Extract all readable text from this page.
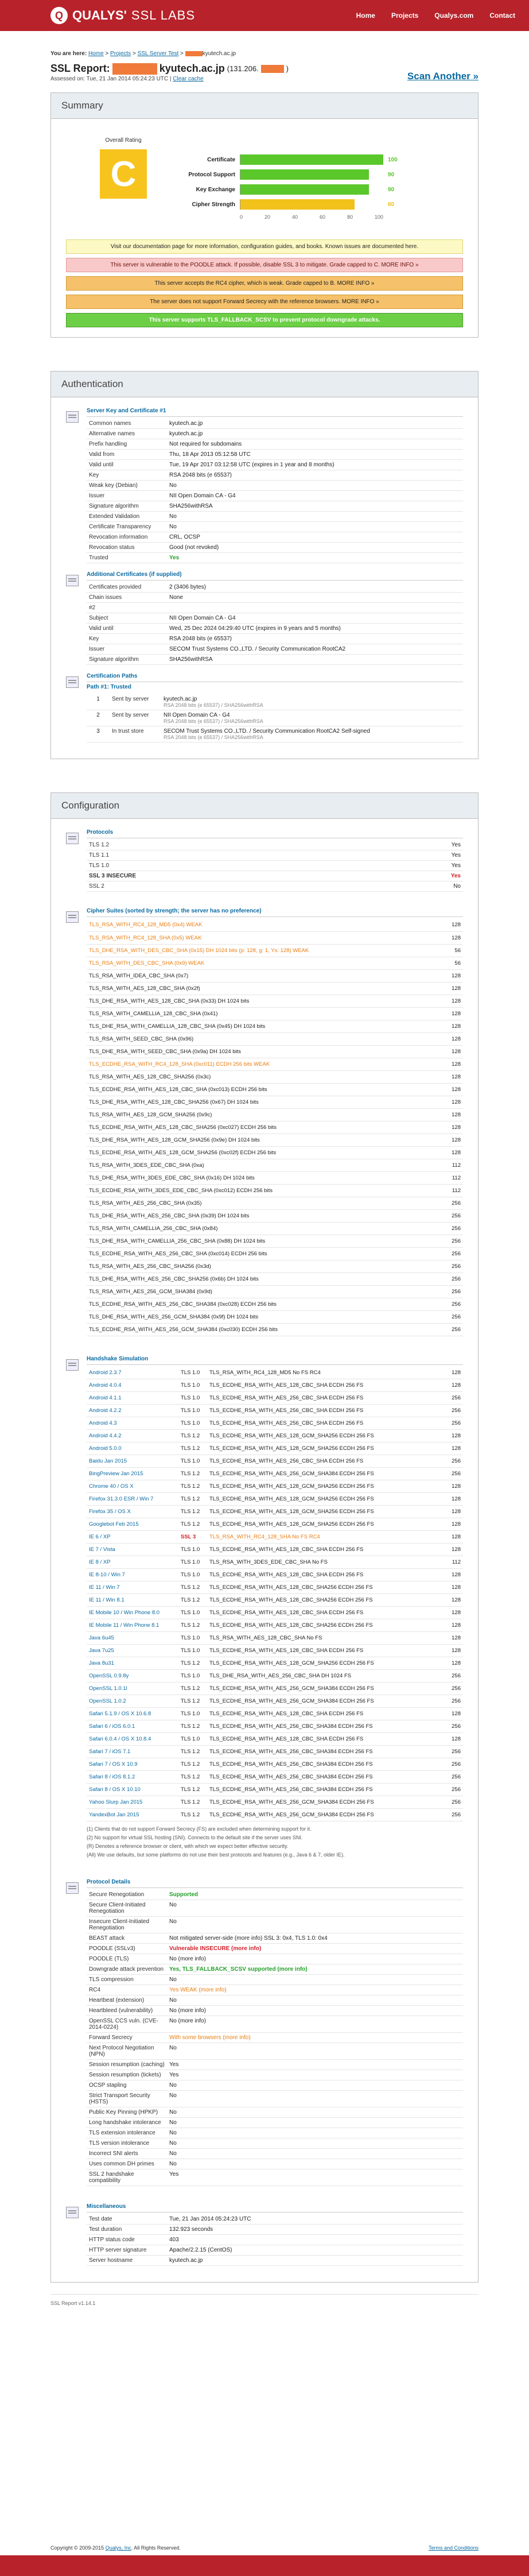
Q QUALYS' SSL LABS	Home Projects Qualys.com Contact
You are here: Home > Projects > SSL Server Test >	kyutech.ac.jp
SSL Report:	kyutech.ac.jp (131.206.	)
Assessed on: Tue, 21 Jan 2014 05:24:23 UTC | Clear cache	Scan Another »
Summary
Overall Rating
C	Certificate	100
Protocol Support	90
Key Exchange	90
Cipher Strength	80
0	20	40	60	80	100
Visit our documentation page for more information, configuration guides, and books. Known issues are documented here.
This server is vulnerable to the POODLE attack. If possible, disable SSL 3 to mitigate. Grade capped to C. MORE INFO »
This server accepts the RC4 cipher, which is weak. Grade capped to B. MORE INFO »
The server does not support Forward Secrecy with the reference browsers. MORE INFO »
This server supports TLS_FALLBACK_SCSV to prevent protocol downgrade attacks.
Authentication
Server Key and Certificate #1
Common names	kyutech.ac.jp
Alternative names	kyutech.ac.jp
Prefix handling	Not required for subdomains
Valid from	Thu, 18 Apr 2013 05:12:58 UTC
Valid until	Tue, 19 Apr 2017 03:12:58 UTC (expires in 1 year and 8 months)
Key	RSA 2048 bits (e 65537)
Weak key (Debian)	No
Issuer	NII Open Domain CA - G4
Signature algorithm	SHA256withRSA
Extended Validation	No
Certificate Transparency	No
Revocation information	CRL, OCSP
Revocation status	Good (not revoked)
Trusted	Yes
Additional Certificates (if supplied)
Certificates provided	2 (3406 bytes)
Chain issues	None
#2	
Subject	NII Open Domain CA - G4
Valid until	Wed, 25 Dec 2024 04:29:40 UTC (expires in 9 years and 5 months)
Key	RSA 2048 bits (e 65537)
Issuer	SECOM Trust Systems CO.,LTD. / Security Communication RootCA2
Signature algorithm	SHA256withRSA
Certification Paths
Path #1: Trusted
1	Sent by server	kyutech.ac.jp
RSA 2048 bits (e 65537) / SHA256withRSA

2	Sent by server	NII Open Domain CA - G4
RSA 2048 bits (e 65537) / SHA256withRSA

3	In trust store	SECOM Trust Systems CO.,LTD. / Security Communication RootCA2 Self-signed
RSA 2048 bits (e 65537) / SHA256withRSA
Configuration
Protocols
TLS 1.2	Yes
TLS 1.1	Yes
TLS 1.0	Yes
SSL 3 INSECURE	Yes
SSL 2	No
Cipher Suites (sorted by strength; the server has no preference)
TLS_RSA_WITH_RC4_128_MD5 (0x4) WEAK	128
TLS_RSA_WITH_RC4_128_SHA (0x5) WEAK	128
TLS_DHE_RSA_WITH_DES_CBC_SHA (0x15) DH 1024 bits (p: 128, g: 1, Ys: 128) WEAK	56
TLS_RSA_WITH_DES_CBC_SHA (0x9) WEAK	56
TLS_RSA_WITH_IDEA_CBC_SHA (0x7)	128
TLS_RSA_WITH_AES_128_CBC_SHA (0x2f)	128
TLS_DHE_RSA_WITH_AES_128_CBC_SHA (0x33) DH 1024 bits	128
TLS_RSA_WITH_CAMELLIA_128_CBC_SHA (0x41)	128
TLS_DHE_RSA_WITH_CAMELLIA_128_CBC_SHA (0x45) DH 1024 bits	128
TLS_RSA_WITH_SEED_CBC_SHA (0x96)	128
TLS_DHE_RSA_WITH_SEED_CBC_SHA (0x9a) DH 1024 bits	128
TLS_ECDHE_RSA_WITH_RC4_128_SHA (0xc011) ECDH 256 bits WEAK	128
TLS_RSA_WITH_AES_128_CBC_SHA256 (0x3c)	128
TLS_ECDHE_RSA_WITH_AES_128_CBC_SHA (0xc013) ECDH 256 bits	128
TLS_DHE_RSA_WITH_AES_128_CBC_SHA256 (0x67) DH 1024 bits	128
TLS_RSA_WITH_AES_128_GCM_SHA256 (0x9c)	128
TLS_ECDHE_RSA_WITH_AES_128_CBC_SHA256 (0xc027) ECDH 256 bits	128
TLS_DHE_RSA_WITH_AES_128_GCM_SHA256 (0x9e) DH 1024 bits	128
TLS_ECDHE_RSA_WITH_AES_128_GCM_SHA256 (0xc02f) ECDH 256 bits	128
TLS_RSA_WITH_3DES_EDE_CBC_SHA (0xa)	112
TLS_DHE_RSA_WITH_3DES_EDE_CBC_SHA (0x16) DH 1024 bits	112
TLS_ECDHE_RSA_WITH_3DES_EDE_CBC_SHA (0xc012) ECDH 256 bits	112
TLS_RSA_WITH_AES_256_CBC_SHA (0x35)	256
TLS_DHE_RSA_WITH_AES_256_CBC_SHA (0x39) DH 1024 bits	256
TLS_RSA_WITH_CAMELLIA_256_CBC_SHA (0x84)	256
TLS_DHE_RSA_WITH_CAMELLIA_256_CBC_SHA (0x88) DH 1024 bits	256
TLS_ECDHE_RSA_WITH_AES_256_CBC_SHA (0xc014) ECDH 256 bits	256
TLS_RSA_WITH_AES_256_CBC_SHA256 (0x3d)	256
TLS_DHE_RSA_WITH_AES_256_CBC_SHA256 (0x6b) DH 1024 bits	256
TLS_RSA_WITH_AES_256_GCM_SHA384 (0x9d)	256
TLS_ECDHE_RSA_WITH_AES_256_CBC_SHA384 (0xc028) ECDH 256 bits	256
TLS_DHE_RSA_WITH_AES_256_GCM_SHA384 (0x9f) DH 1024 bits	256
TLS_ECDHE_RSA_WITH_AES_256_GCM_SHA384 (0xc030) ECDH 256 bits	256
Handshake Simulation
Android 2.3.7	TLS 1.0	TLS_RSA_WITH_RC4_128_MD5 No FS RC4	128
Android 4.0.4	TLS 1.0	TLS_ECDHE_RSA_WITH_AES_128_CBC_SHA ECDH 256 FS	128
Android 4.1.1	TLS 1.0	TLS_ECDHE_RSA_WITH_AES_256_CBC_SHA ECDH 256 FS	256
Android 4.2.2	TLS 1.0	TLS_ECDHE_RSA_WITH_AES_256_CBC_SHA ECDH 256 FS	256
Android 4.3	TLS 1.0	TLS_ECDHE_RSA_WITH_AES_256_CBC_SHA ECDH 256 FS	256
Android 4.4.2	TLS 1.2	TLS_ECDHE_RSA_WITH_AES_128_GCM_SHA256 ECDH 256 FS	128
Android 5.0.0	TLS 1.2	TLS_ECDHE_RSA_WITH_AES_128_GCM_SHA256 ECDH 256 FS	128
Baidu Jan 2015	TLS 1.0	TLS_ECDHE_RSA_WITH_AES_256_CBC_SHA ECDH 256 FS	256
BingPreview Jan 2015	TLS 1.2	TLS_ECDHE_RSA_WITH_AES_256_GCM_SHA384 ECDH 256 FS	256
Chrome 40 / OS X	TLS 1.2	TLS_ECDHE_RSA_WITH_AES_128_GCM_SHA256 ECDH 256 FS	128
Firefox 31.3.0 ESR / Win 7	TLS 1.2	TLS_ECDHE_RSA_WITH_AES_128_GCM_SHA256 ECDH 256 FS	128
Firefox 35 / OS X	TLS 1.2	TLS_ECDHE_RSA_WITH_AES_128_GCM_SHA256 ECDH 256 FS	128
Googlebot Feb 2015	TLS 1.2	TLS_ECDHE_RSA_WITH_AES_128_GCM_SHA256 ECDH 256 FS	128
IE 6 / XP	SSL 3	TLS_RSA_WITH_RC4_128_SHA No FS RC4	128
IE 7 / Vista	TLS 1.0	TLS_ECDHE_RSA_WITH_AES_128_CBC_SHA ECDH 256 FS	128
IE 8 / XP	TLS 1.0	TLS_RSA_WITH_3DES_EDE_CBC_SHA No FS	112
IE 8-10 / Win 7	TLS 1.0	TLS_ECDHE_RSA_WITH_AES_128_CBC_SHA ECDH 256 FS	128
IE 11 / Win 7	TLS 1.2	TLS_ECDHE_RSA_WITH_AES_128_CBC_SHA256 ECDH 256 FS	128
IE 11 / Win 8.1	TLS 1.2	TLS_ECDHE_RSA_WITH_AES_128_CBC_SHA256 ECDH 256 FS	128
IE Mobile 10 / Win Phone 8.0	TLS 1.0	TLS_ECDHE_RSA_WITH_AES_128_CBC_SHA ECDH 256 FS	128
IE Mobile 11 / Win Phone 8.1	TLS 1.2	TLS_ECDHE_RSA_WITH_AES_128_CBC_SHA256 ECDH 256 FS	128
Java 6u45	TLS 1.0	TLS_RSA_WITH_AES_128_CBC_SHA No FS	128
Java 7u25	TLS 1.0	TLS_ECDHE_RSA_WITH_AES_128_CBC_SHA ECDH 256 FS	128
Java 8u31	TLS 1.2	TLS_ECDHE_RSA_WITH_AES_128_GCM_SHA256 ECDH 256 FS	128
OpenSSL 0.9.8y	TLS 1.0	TLS_DHE_RSA_WITH_AES_256_CBC_SHA DH 1024 FS	256
OpenSSL 1.0.1l	TLS 1.2	TLS_ECDHE_RSA_WITH_AES_256_GCM_SHA384 ECDH 256 FS	256
OpenSSL 1.0.2	TLS 1.2	TLS_ECDHE_RSA_WITH_AES_256_GCM_SHA384 ECDH 256 FS	256
Safari 5.1.9 / OS X 10.6.8	TLS 1.0	TLS_ECDHE_RSA_WITH_AES_128_CBC_SHA ECDH 256 FS	128
Safari 6 / iOS 6.0.1	TLS 1.2	TLS_ECDHE_RSA_WITH_AES_256_CBC_SHA384 ECDH 256 FS	256
Safari 6.0.4 / OS X 10.8.4	TLS 1.0	TLS_ECDHE_RSA_WITH_AES_128_CBC_SHA ECDH 256 FS	128
Safari 7 / iOS 7.1	TLS 1.2	TLS_ECDHE_RSA_WITH_AES_256_CBC_SHA384 ECDH 256 FS	256
Safari 7 / OS X 10.9	TLS 1.2	TLS_ECDHE_RSA_WITH_AES_256_CBC_SHA384 ECDH 256 FS	256
Safari 8 / iOS 8.1.2	TLS 1.2	TLS_ECDHE_RSA_WITH_AES_256_CBC_SHA384 ECDH 256 FS	256
Safari 8 / OS X 10.10	TLS 1.2	TLS_ECDHE_RSA_WITH_AES_256_CBC_SHA384 ECDH 256 FS	256
Yahoo Slurp Jan 2015	TLS 1.2	TLS_ECDHE_RSA_WITH_AES_256_GCM_SHA384 ECDH 256 FS	256
YandexBot Jan 2015	TLS 1.2	TLS_ECDHE_RSA_WITH_AES_256_GCM_SHA384 ECDH 256 FS	256
(1) Clients that do not support Forward Secrecy (FS) are excluded when determining support for it.
(2) No support for virtual SSL hosting (SNI). Connects to the default site if the server uses SNI.
(R) Denotes a reference browser or client, with which we expect better effective security.
(All) We use defaults, but some platforms do not use their best protocols and features (e.g., Java 6 & 7, older IE).
Protocol Details
Secure Renegotiation	Supported
Secure Client-Initiated Renegotiation	No
Insecure Client-Initiated Renegotiation	No
BEAST attack	Not mitigated server-side (more info) SSL 3: 0x4, TLS 1.0: 0x4
POODLE (SSLv3)	Vulnerable INSECURE (more info)
POODLE (TLS)	No (more info)
Downgrade attack prevention	Yes, TLS_FALLBACK_SCSV supported (more info)
TLS compression	No
RC4	Yes WEAK (more info)
Heartbeat (extension)	No
Heartbleed (vulnerability)	No (more info)
OpenSSL CCS vuln. (CVE-2014-0224)	No (more info)
Forward Secrecy	With some browsers (more info)
Next Protocol Negotiation (NPN)	No
Session resumption (caching)	Yes
Session resumption (tickets)	Yes
OCSP stapling	No
Strict Transport Security (HSTS)	No
Public Key Pinning (HPKP)	No
Long handshake intolerance	No
TLS extension intolerance	No
TLS version intolerance	No
Incorrect SNI alerts	No
Uses common DH primes	No
SSL 2 handshake compatibility	Yes
Miscellaneous
Test date	Tue, 21 Jan 2014 05:24:23 UTC
Test duration	132.923 seconds
HTTP status code	403
HTTP server signature	Apache/2.2.15 (CentOS)
Server hostname	kyutech.ac.jp
SSL Report v1.14.1
Copyright © 2009-2015 Qualys, Inc. All Rights Reserved.	Terms and Conditions
